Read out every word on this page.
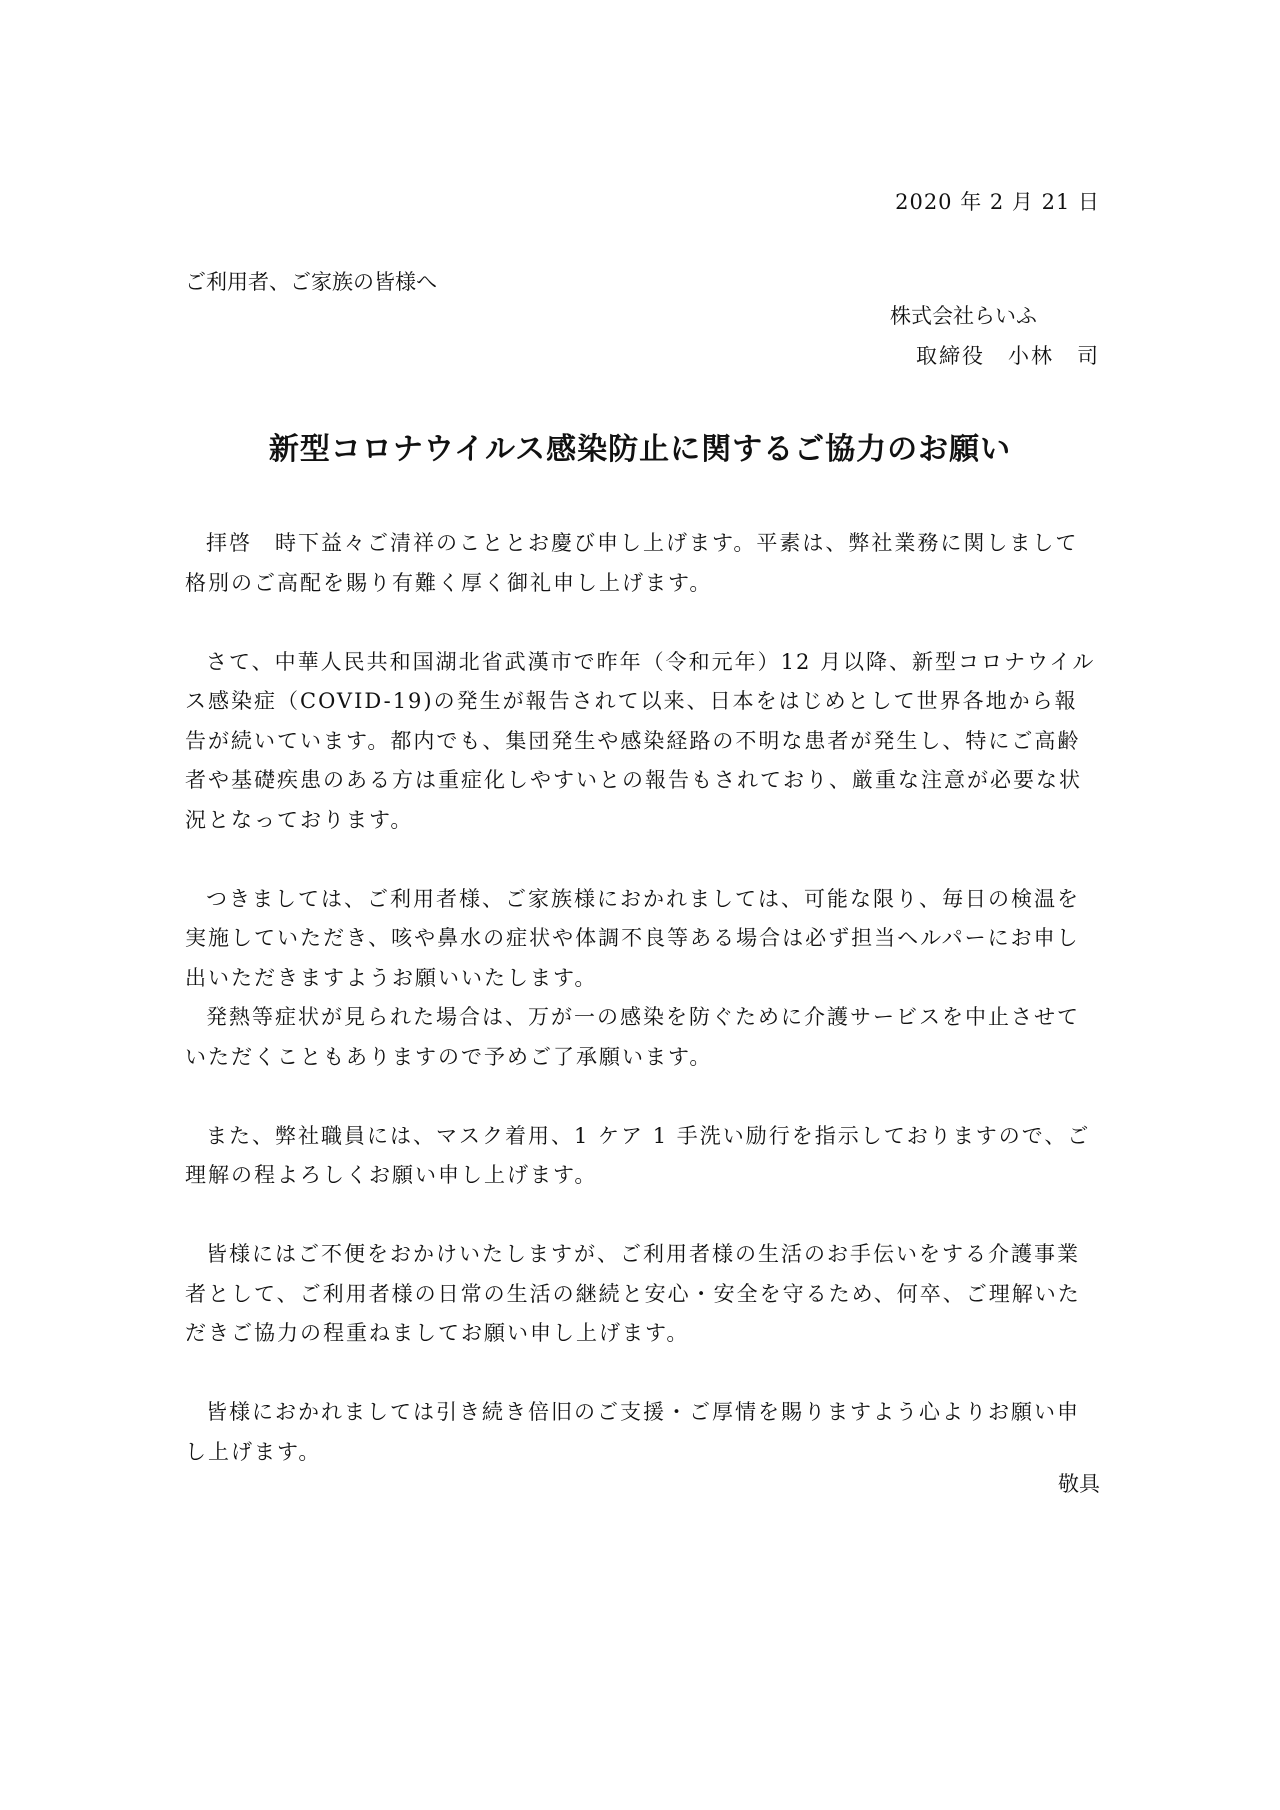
2020 年 2 月 21 日
ご利用者、ご家族の皆様へ
株式会社らいふ
取締役　小林　司
新型コロナウイルス感染防止に関するご協力のお願い

拝啓　時下益々ご清祥のこととお慶び申し上げます。平素は、弊社業務に関しまして格別のご高配を賜り有難く厚く御礼申し上げます。

さて、中華人民共和国湖北省武漢市で昨年（令和元年）12 月以降、新型コロナウイルス感染症（COVID-19)の発生が報告されて以来、日本をはじめとして世界各地から報告が続いています。都内でも、集団発生や感染経路の不明な患者が発生し、特にご高齢者や基礎疾患のある方は重症化しやすいとの報告もされており、厳重な注意が必要な状況となっております。

つきましては、ご利用者様、ご家族様におかれましては、可能な限り、毎日の検温を実施していただき、咳や鼻水の症状や体調不良等ある場合は必ず担当ヘルパーにお申し出いただきますようお願いいたします。

発熱等症状が見られた場合は、万が一の感染を防ぐために介護サービスを中止させていただくこともありますので予めご了承願います。

また、弊社職員には、マスク着用、1 ケア 1 手洗い励行を指示しておりますので、ご理解の程よろしくお願い申し上げます。

皆様にはご不便をおかけいたしますが、ご利用者様の生活のお手伝いをする介護事業者として、ご利用者様の日常の生活の継続と安心・安全を守るため、何卒、ご理解いただきご協力の程重ねましてお願い申し上げます。

皆様におかれましては引き続き倍旧のご支援・ご厚情を賜りますよう心よりお願い申し上げます。

敬具
